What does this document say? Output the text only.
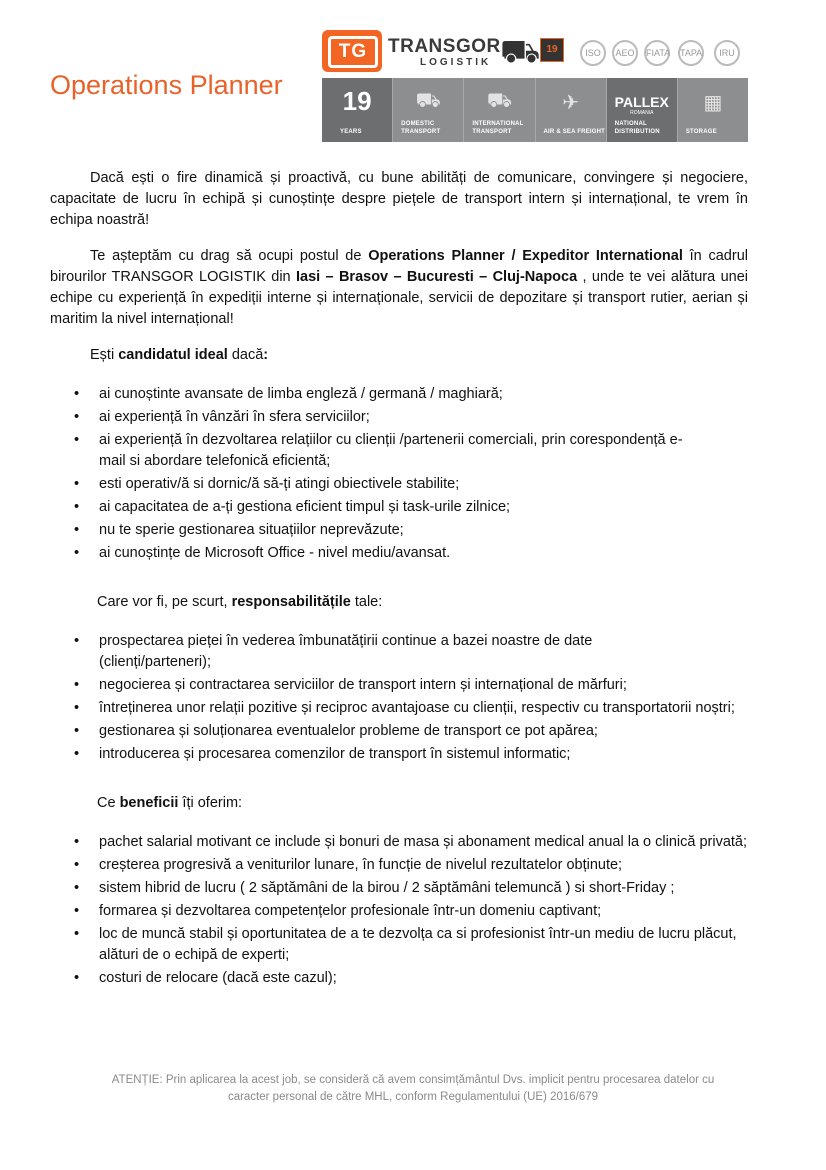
Operations Planner
TG	TRANSGOR
LOGISTIK ⛟ 19	ISO	AEO	FIATA TAPA	IRU
19
YEARS
⛟
DOMESTIC TRANSPORT
⛟
INTERNATIONAL TRANSPORT
✈
AIR & SEA FREIGHT
PALLEX
ROMANIA
NATIONAL DISTRIBUTION
▦
STORAGE

Dacă ești o fire dinamică și proactivă, cu bune abilități de comunicare, convingere și negociere, capacitate de lucru în echipă și cunoștințe despre piețele de transport intern și internațional, te vrem în echipa noastră!

Te așteptăm cu drag să ocupi postul de Operations Planner / Expeditor International în cadrul birourilor TRANSGOR LOGISTIK din Iasi – Brasov – Bucuresti – Cluj-Napoca , unde te vei alătura unei echipe cu experiență în expediții interne și internaționale, servicii de depozitare și transport rutier, aerian și maritim la nivel internațional!

Ești candidatul ideal dacă:

• ai cunoștinte avansate de limba engleză / germană / maghiară;
• ai experiență în vânzări în sfera serviciilor;
• ai experiență în dezvoltarea relațiilor cu clienții /partenerii comerciali, prin corespondență e-mail si abordare telefonică eficientă;
• esti operativ/ă si dornic/ă să-ți atingi obiectivele stabilite;
• ai capacitatea de a-ți gestiona eficient timpul și task-urile zilnice;
• nu te sperie gestionarea situațiilor neprevăzute;
• ai cunoștințe de Microsoft Office - nivel mediu/avansat.

Care vor fi, pe scurt, responsabilitățile tale:

• prospectarea pieței în vederea îmbunatățirii continue a bazei noastre de date (clienți/parteneri);
• negocierea și contractarea serviciilor de transport intern și internațional de mărfuri;
• întreținerea unor relații pozitive și reciproc avantajoase cu clienții, respectiv cu transportatorii noștri;
• gestionarea și soluționarea eventualelor probleme de transport ce pot apărea;
• introducerea și procesarea comenzilor de transport în sistemul informatic;

Ce beneficii îți oferim:

• pachet salarial motivant ce include și bonuri de masa și abonament medical anual la o clinică privată;
• creșterea progresivă a veniturilor lunare, în funcție de nivelul rezultatelor obținute;
• sistem hibrid de lucru ( 2 săptămâni de la birou / 2 săptămâni telemuncă ) si short-Friday ;
• formarea și dezvoltarea competențelor profesionale într-un domeniu captivant;
• loc de muncă stabil și oportunitatea de a te dezvolța ca si profesionist într-un mediu de lucru plăcut, alături de o echipă de experti;
• costuri de relocare (dacă este cazul);
ATENȚIE: Prin aplicarea la acest job, se consideră că avem consimțământul Dvs. implicit pentru procesarea datelor cu
caracter personal de către MHL, conform Regulamentului (UE) 2016/679
